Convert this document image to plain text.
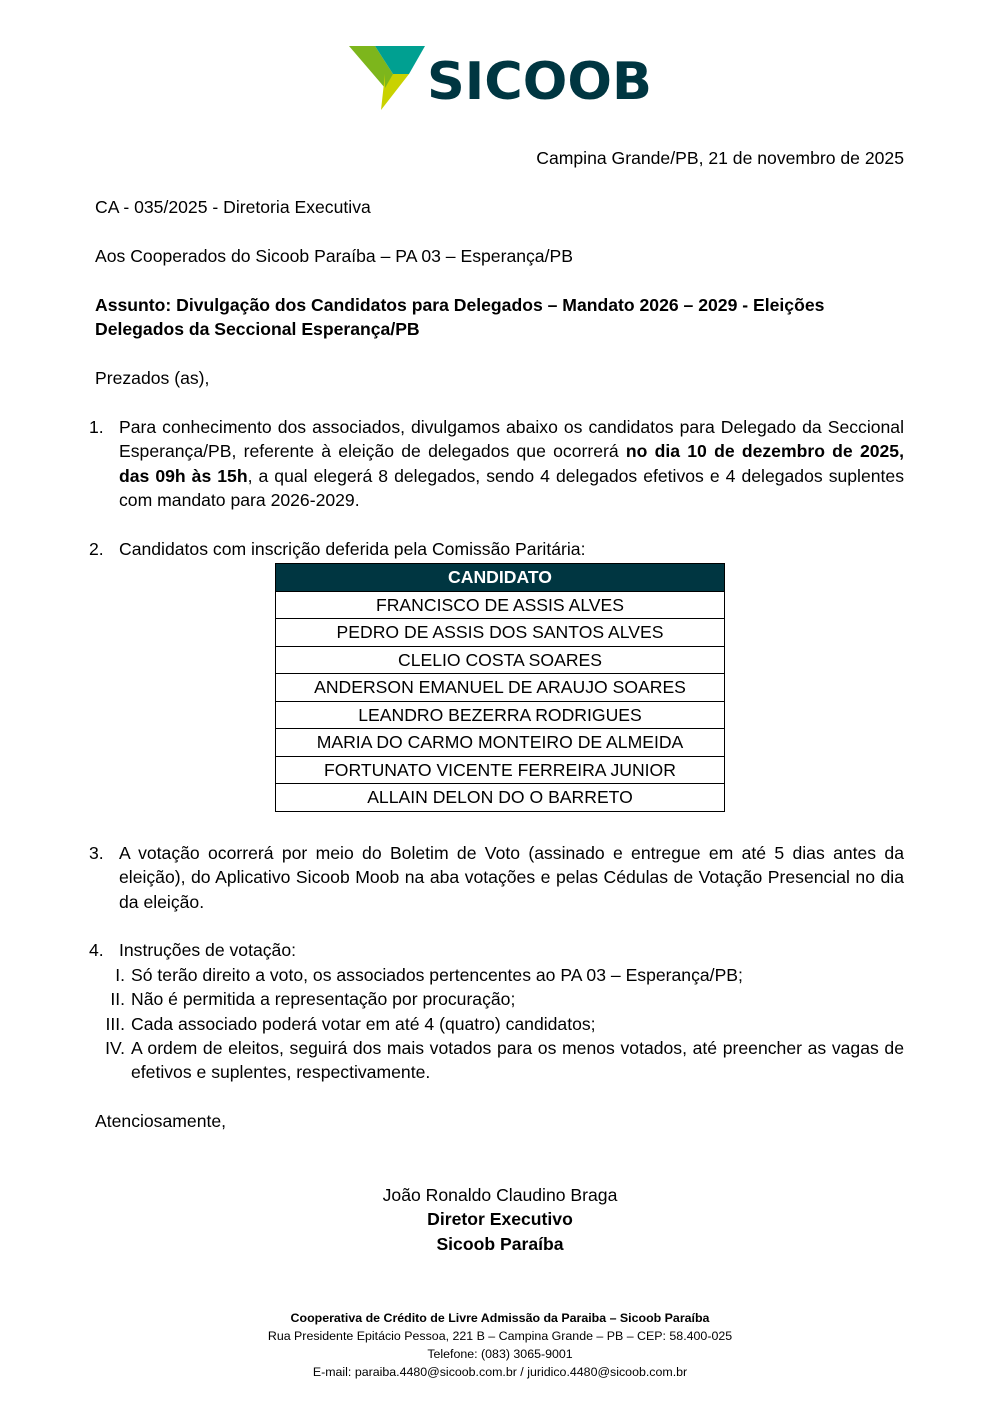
SICOOB
Campina Grande/PB, 21 de novembro de 2025
CA - 035/2025 - Diretoria Executiva
Aos Cooperados do Sicoob Paraíba – PA 03 – Esperança/PB
Assunto: Divulgação dos Candidatos para Delegados – Mandato 2026 – 2029 - Eleições
Delegados da Seccional Esperança/PB
Prezados (as),
1. Para conhecimento dos associados, divulgamos abaixo os candidatos para Delegado da Seccional Esperança/PB, referente à eleição de delegados que ocorrerá no dia 10 de dezembro de 2025, das 09h às 15h, a qual elegerá 8 delegados, sendo 4 delegados efetivos e 4 delegados suplentes com mandato para 2026-2029.
2. Candidatos com inscrição deferida pela Comissão Paritária:
CANDIDATO
FRANCISCO DE ASSIS ALVES
PEDRO DE ASSIS DOS SANTOS ALVES
CLELIO COSTA SOARES
ANDERSON EMANUEL DE ARAUJO SOARES
LEANDRO BEZERRA RODRIGUES
MARIA DO CARMO MONTEIRO DE ALMEIDA
FORTUNATO VICENTE FERREIRA JUNIOR
ALLAIN DELON DO O BARRETO
3. A votação ocorrerá por meio do Boletim de Voto (assinado e entregue em até 5 dias antes da eleição), do Aplicativo Sicoob Moob na aba votações e pelas Cédulas de Votação Presencial no dia da eleição.
4. Instruções de votação:
I. Só terão direito a voto, os associados pertencentes ao PA 03 – Esperança/PB;
II. Não é permitida a representação por procuração;
III. Cada associado poderá votar em até 4 (quatro) candidatos;
IV. A ordem de eleitos, seguirá dos mais votados para os menos votados, até preencher as vagas de efetivos e suplentes, respectivamente.
Atenciosamente,
João Ronaldo Claudino Braga
Diretor Executivo
Sicoob Paraíba
Cooperativa de Crédito de Livre Admissão da Paraiba – Sicoob Paraíba
Rua Presidente Epitácio Pessoa, 221 B – Campina Grande – PB – CEP: 58.400-025
Telefone: (083) 3065-9001
E-mail: paraiba.4480@sicoob.com.br / juridico.4480@sicoob.com.br
